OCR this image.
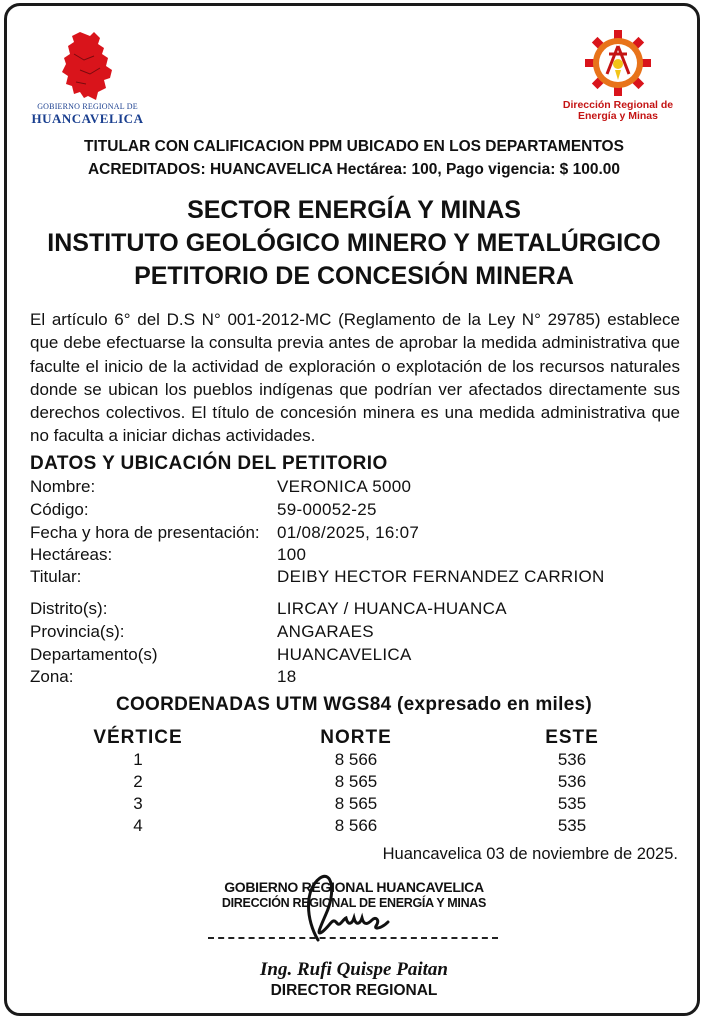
GOBIERNO REGIONAL DE
HUANCAVELICA
Dirección Regional de
Energía y Minas
TITULAR CON CALIFICACION PPM UBICADO EN LOS DEPARTAMENTOS
ACREDITADOS: HUANCAVELICA Hectárea: 100, Pago vigencia: $ 100.00
SECTOR ENERGÍA Y MINAS
INSTITUTO GEOLÓGICO MINERO Y METALÚRGICO
PETITORIO DE CONCESIÓN MINERA
El artículo 6° del D.S N° 001-2012-MC (Reglamento de la Ley N° 29785) establece que debe efectuarse la consulta previa antes de aprobar la medida administrativa que faculte el inicio de la actividad de exploración o explotación de los recursos naturales donde se ubican los pueblos indígenas que podrían ver afectados directamente sus derechos colectivos. El título de concesión minera es una medida administrativa que no faculta a iniciar dichas actividades.
DATOS Y UBICACIÓN DEL PETITORIO
Nombre:	VERONICA 5000
Código:	59-00052-25
Fecha y hora de presentación: 01/08/2025, 16:07
Hectáreas:	100
Titular:	DEIBY HECTOR FERNANDEZ CARRION
Distrito(s):	LIRCAY / HUANCA-HUANCA
Provincia(s):	ANGARAES
Departamento(s)	HUANCAVELICA
Zona:	18
COORDENADAS UTM WGS84 (expresado en miles)
VÉRTICE	NORTE	ESTE
1	8 566	536
2	8 565	536
3	8 565	535
4	8 566	535
Huancavelica 03 de noviembre de 2025.
GOBIERNO REGIONAL HUANCAVELICA
DIRECCIÓN REGIONAL DE ENERGÍA Y MINAS
Ing. Rufi Quispe Paitan
DIRECTOR REGIONAL
